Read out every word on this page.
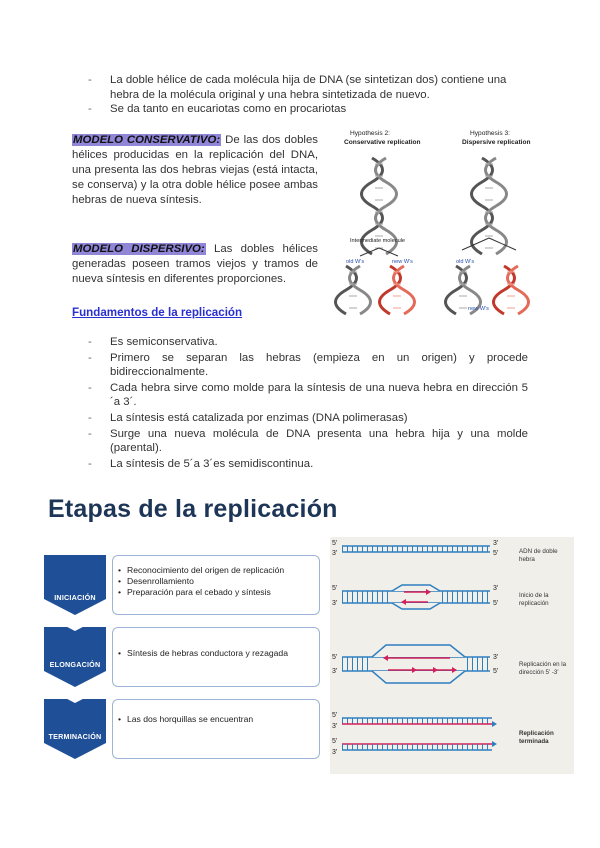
- La doble hélice de cada molécula hija de DNA (se sintetizan dos) contiene una hebra de la molécula original y una hebra sintetizada de nuevo.
- Se da tanto en eucariotas como en procariotas

MODELO CONSERVATIVO: De las dos dobles hélices producidas en la replicación del DNA, una presenta las dos hebras viejas (está intacta, se conserva) y la otra doble hélice posee ambas hebras de nueva síntesis.

MODELO DISPERSIVO: Las dobles hélices generadas poseen tramos viejos y tramos de nueva síntesis en diferentes proporciones.

Fundamentos de la replicación
Hypothesis 2:
Conservative replication
Hypothesis 3:
Dispersive replication
Intermediate molecule
old W's	new W's	old W's
new W's
- Es semiconservativa.
- Primero se separan las hebras (empieza en un origen) y procede bidireccionalmente.
- Cada hebra sirve como molde para la síntesis de una nueva hebra en dirección 5´a 3´.
- La síntesis está catalizada por enzimas (DNA polimerasas)
- Surge una nueva molécula de DNA presenta una hebra hija y una molde (parental).
- La síntesis de 5´a 3´es semidiscontinua.
Etapas de la replicación
INICIACIÓN
• Reconocimiento del origen de replicación
• Desenrollamiento
• Preparación para el cebado y síntesis
ELONGACIÓN
• Síntesis de hebras conductora y rezagada
TERMINACIÓN
• Las dos horquillas se encuentran
5'
3'
3'
5'
5'
3'
3'
5'
5'
3'
3'
5'
5'
3'
5'
3'
ADN de doble hebra
Inicio de la replicación
Replicación en la dirección 5' -3'
Replicación terminada
